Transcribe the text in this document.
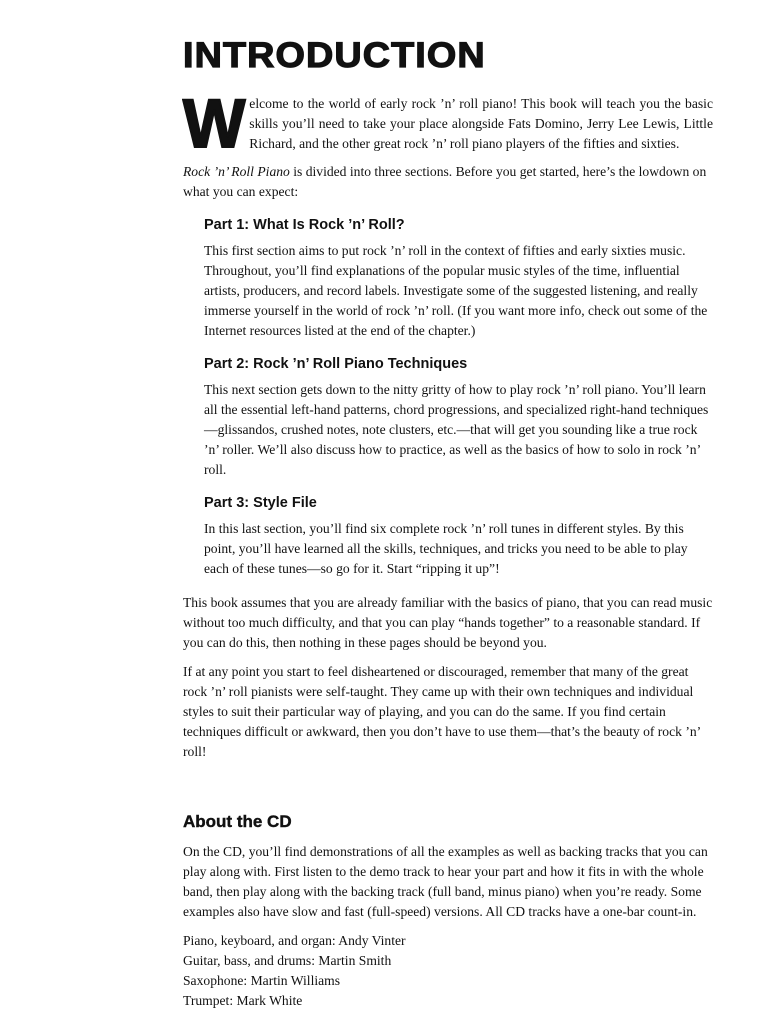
INTRODUCTION
W elcome to the world of early rock ’n’ roll piano! This book will teach you the basic skills you’ll need to take your place alongside Fats Domino, Jerry Lee Lewis, Little Richard, and the other great rock ’n’ roll piano players of the fifties and sixties.

Rock ’n’ Roll Piano is divided into three sections. Before you get started, here’s the lowdown on what you can expect:

Part 1: What Is Rock ’n’ Roll?

This first section aims to put rock ’n’ roll in the context of fifties and early sixties music. Throughout, you’ll find explanations of the popular music styles of the time, influential artists, producers, and record labels. Investigate some of the suggested listening, and really immerse yourself in the world of rock ’n’ roll. (If you want more info, check out some of the Internet resources listed at the end of the chapter.)

Part 2: Rock ’n’ Roll Piano Techniques

This next section gets down to the nitty gritty of how to play rock ’n’ roll piano. You’ll learn all the essential left-hand patterns, chord progressions, and specialized right-hand techniques—glissandos, crushed notes, note clusters, etc.—that will get you sounding like a true rock ’n’ roller. We’ll also discuss how to practice, as well as the basics of how to solo in rock ’n’ roll.

Part 3: Style File

In this last section, you’ll find six complete rock ’n’ roll tunes in different styles. By this point, you’ll have learned all the skills, techniques, and tricks you need to be able to play each of these tunes—so go for it. Start “ripping it up”!

This book assumes that you are already familiar with the basics of piano, that you can read music without too much difficulty, and that you can play “hands together” to a reasonable standard. If you can do this, then nothing in these pages should be beyond you.

If at any point you start to feel disheartened or discouraged, remember that many of the great rock ’n’ roll pianists were self-taught. They came up with their own techniques and individual styles to suit their particular way of playing, and you can do the same. If you find certain techniques difficult or awkward, then you don’t have to use them—that’s the beauty of rock ’n’ roll!

About the CD

On the CD, you’ll find demonstrations of all the examples as well as backing tracks that you can play along with. First listen to the demo track to hear your part and how it fits in with the whole band, then play along with the backing track (full band, minus piano) when you’re ready. Some examples also have slow and fast (full-speed) versions. All CD tracks have a one-bar count-in.

Piano, keyboard, and organ: Andy Vinter

Guitar, bass, and drums: Martin Smith

Saxophone: Martin Williams

Trumpet: Mark White
